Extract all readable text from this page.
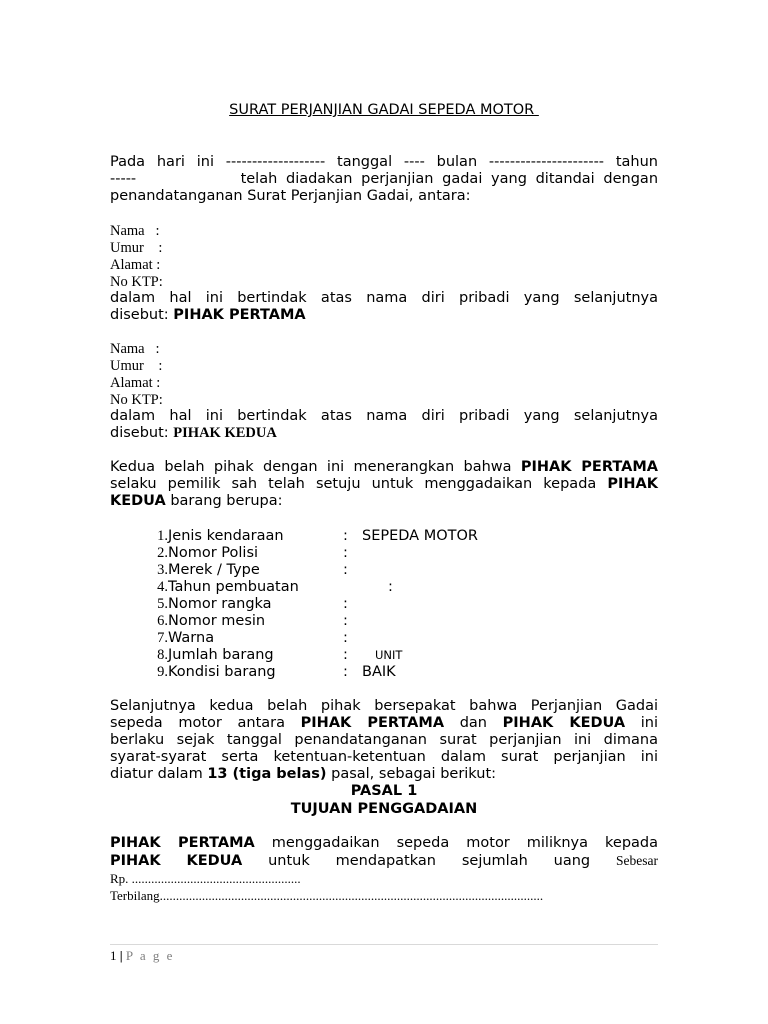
SURAT PERJANJIAN GADAI SEPEDA MOTOR
Pada hari ini ------------------- tanggal ---- bulan ---------------------- tahun
-----	telah diadakan perjanjian gadai yang ditandai dengan
penandatanganan Surat Perjanjian Gadai, antara:
Nama   :
Umur    :
Alamat :
No KTP:
dalam hal ini bertindak atas nama diri pribadi yang selanjutnya
disebut: PIHAK PERTAMA
Nama   :
Umur    :
Alamat :
No KTP:
dalam hal ini bertindak atas nama diri pribadi yang selanjutnya
disebut: PIHAK KEDUA
Kedua belah pihak dengan ini menerangkan bahwa PIHAK PERTAMA
selaku pemilik sah telah setuju untuk menggadaikan kepada PIHAK
KEDUA barang berupa:
1. Jenis kendaraan	: SEPEDA MOTOR
2. Nomor Polisi	:
3. Merek / Type	:
4. Tahun pembuatan	:
5. Nomor rangka	:
6. Nomor mesin	:
7. Warna	:
8. Jumlah barang	: UNIT
9. Kondisi barang	: BAIK
Selanjutnya kedua belah pihak bersepakat bahwa Perjanjian Gadai
sepeda motor antara PIHAK PERTAMA dan PIHAK KEDUA ini
berlaku sejak tanggal penandatanganan surat perjanjian ini dimana
syarat-syarat serta ketentuan-ketentuan dalam surat perjanjian ini
diatur dalam 13 (tiga belas) pasal, sebagai berikut:
PASAL 1
TUJUAN PENGGADAIAN
PIHAK PERTAMA menggadaikan sepeda motor miliknya kepada
PIHAK KEDUA untuk mendapatkan sejumlah uang Sebesar
Rp. ....................................................
Terbilang......................................................................................................................
1 | P a g e
